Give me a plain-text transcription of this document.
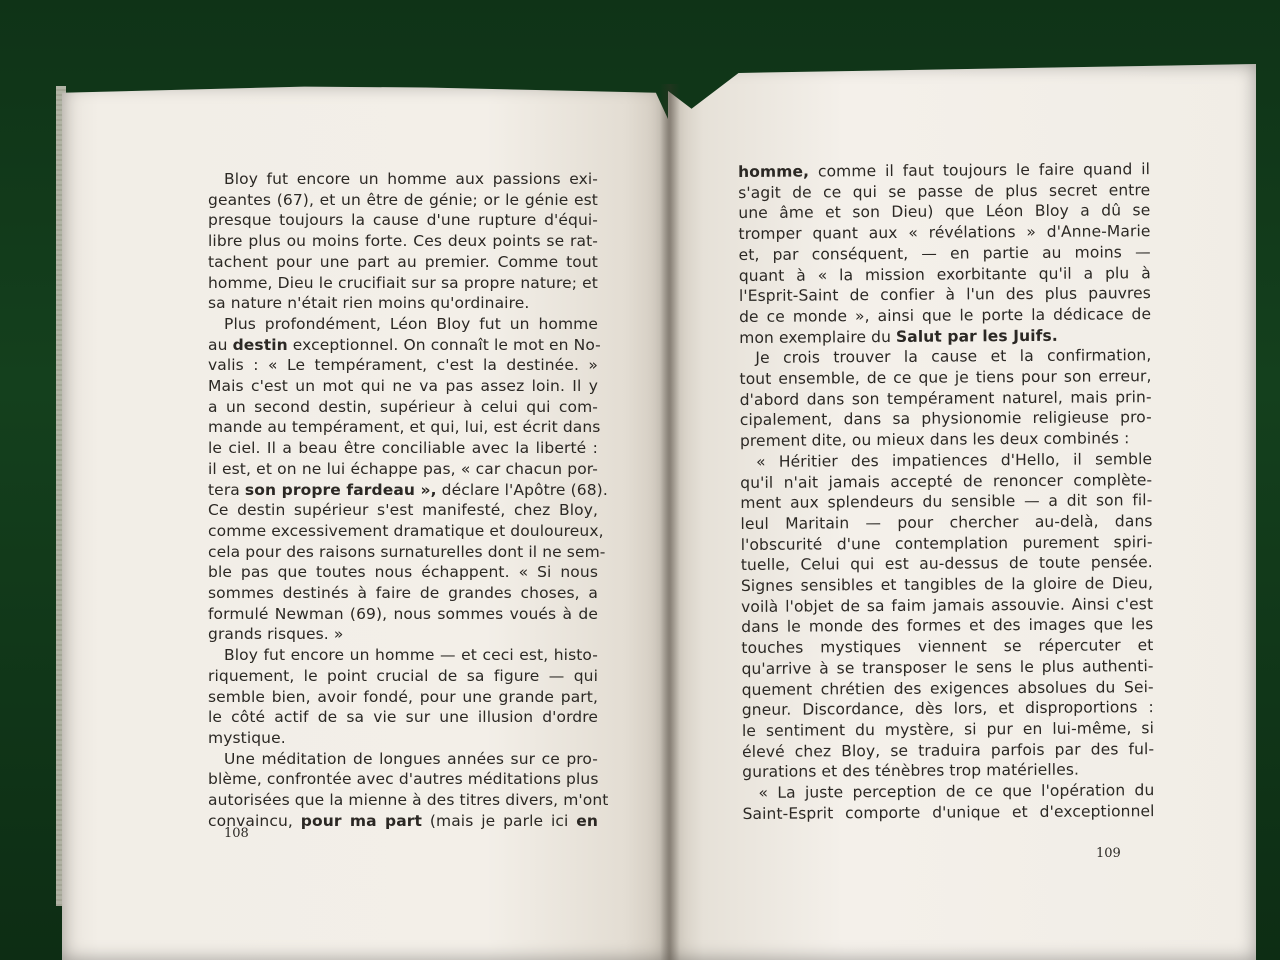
Bloy fut encore un homme aux passions exi-
geantes (67), et un être de génie; or le génie est
presque toujours la cause d'une rupture d'équi-
libre plus ou moins forte. Ces deux points se rat-
tachent pour une part au premier. Comme tout
homme, Dieu le crucifiait sur sa propre nature; et
sa nature n'était rien moins qu'ordinaire.
Plus profondément, Léon Bloy fut un homme
au destin exceptionnel. On connaît le mot en No-
valis : « Le tempérament, c'est la destinée. »
Mais c'est un mot qui ne va pas assez loin. Il y
a un second destin, supérieur à celui qui com-
mande au tempérament, et qui, lui, est écrit dans
le ciel. Il a beau être conciliable avec la liberté :
il est, et on ne lui échappe pas, « car chacun por-
tera son propre fardeau », déclare l'Apôtre (68).
Ce destin supérieur s'est manifesté, chez Bloy,
comme excessivement dramatique et douloureux,
cela pour des raisons surnaturelles dont il ne sem-
ble pas que toutes nous échappent. « Si nous
sommes destinés à faire de grandes choses, a
formulé Newman (69), nous sommes voués à de
grands risques. »
Bloy fut encore un homme — et ceci est, histo-
riquement, le point crucial de sa figure — qui
semble bien, avoir fondé, pour une grande part,
le côté actif de sa vie sur une illusion d'ordre
mystique.
Une méditation de longues années sur ce pro-
blème, confrontée avec d'autres méditations plus
autorisées que la mienne à des titres divers, m'ont
convaincu, pour ma part (mais je parle ici en
homme, comme il faut toujours le faire quand il
s'agit de ce qui se passe de plus secret entre
une âme et son Dieu) que Léon Bloy a dû se
tromper quant aux « révélations » d'Anne-Marie
et, par conséquent, — en partie au moins —
quant à « la mission exorbitante qu'il a plu à
l'Esprit-Saint de confier à l'un des plus pauvres
de ce monde », ainsi que le porte la dédicace de
mon exemplaire du Salut par les Juifs.
Je crois trouver la cause et la confirmation,
tout ensemble, de ce que je tiens pour son erreur,
d'abord dans son tempérament naturel, mais prin-
cipalement, dans sa physionomie religieuse pro-
prement dite, ou mieux dans les deux combinés :
« Héritier des impatiences d'Hello, il semble
qu'il n'ait jamais accepté de renoncer complète-
ment aux splendeurs du sensible — a dit son fil-
leul Maritain — pour chercher au-delà, dans
l'obscurité d'une contemplation purement spiri-
tuelle, Celui qui est au-dessus de toute pensée.
Signes sensibles et tangibles de la gloire de Dieu,
voilà l'objet de sa faim jamais assouvie. Ainsi c'est
dans le monde des formes et des images que les
touches mystiques viennent se répercuter et
qu'arrive à se transposer le sens le plus authenti-
quement chrétien des exigences absolues du Sei-
gneur. Discordance, dès lors, et disproportions :
le sentiment du mystère, si pur en lui-même, si
élevé chez Bloy, se traduira parfois par des ful-
gurations et des ténèbres trop matérielles.
« La juste perception de ce que l'opération du
Saint-Esprit comporte d'unique et d'exceptionnel
108
109
